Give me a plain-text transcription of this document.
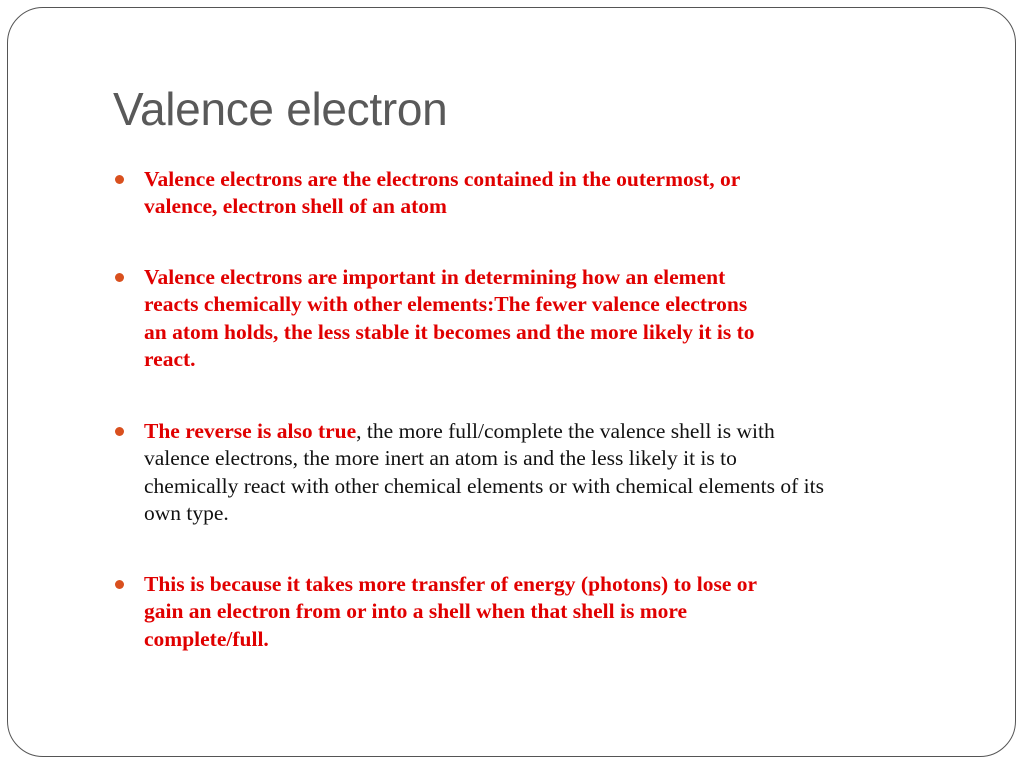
Valence electron
Valence electrons are the electrons contained in the outermost, or
valence, electron shell of an atom
Valence electrons are important in determining how an element
reacts chemically with other elements:The fewer valence electrons
an atom holds, the less stable it becomes and the more likely it is to
react.
The reverse is also true, the more full/complete the valence shell is with
valence electrons, the more inert an atom is and the less likely it is to
chemically react with other chemical elements or with chemical elements of its
own type.
This is because it takes more transfer of energy (photons) to lose or
gain an electron from or into a shell when that shell is more
complete/full.
